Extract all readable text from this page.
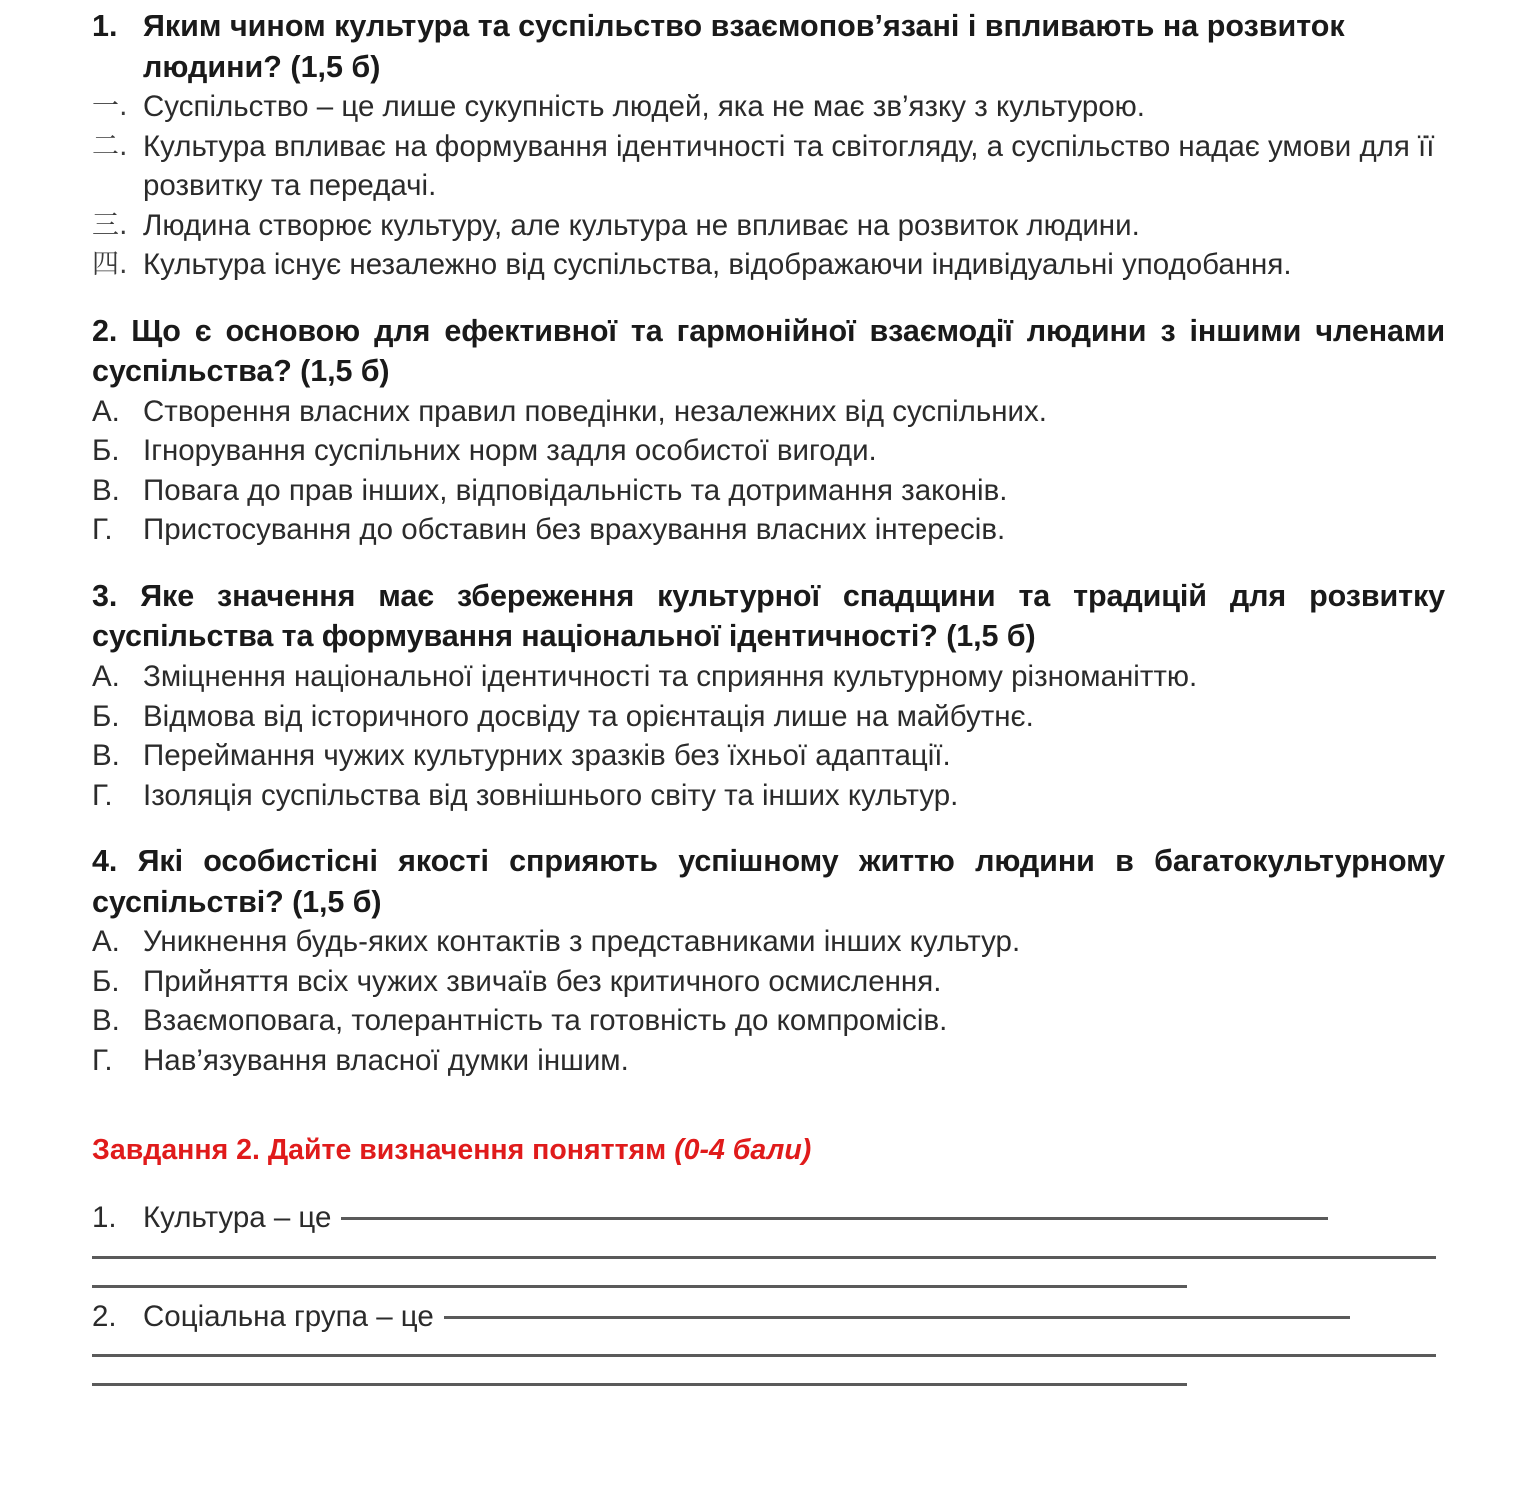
1. Яким чином культура та суспільство взаємопов’язані і впливають на розвиток людини? (1,5 б)
一. Суспільство – це лише сукупність людей, яка не має зв’язку з культурою.
二. Культура впливає на формування ідентичності та світогляду, а суспільство надає умови для її розвитку та передачі.
三. Людина створює культуру, але культура не впливає на розвиток людини.
四. Культура існує незалежно від суспільства, відображаючи індивідуальні уподобання.

2. Що є основою для ефективної та гармонійної взаємодії людини з іншими членами суспільства? (1,5 б)

А. Створення власних правил поведінки, незалежних від суспільних.
Б. Ігнорування суспільних норм задля особистої вигоди.
В. Повага до прав інших, відповідальність та дотримання законів.
Г.	Пристосування до обставин без врахування власних інтересів.

3. Яке значення має збереження культурної спадщини та традицій для розвитку суспільства та формування національної ідентичності? (1,5 б)

А. Зміцнення національної ідентичності та сприяння культурному різноманіттю.
Б. Відмова від історичного досвіду та орієнтація лише на майбутнє.
В. Переймання чужих культурних зразків без їхньої адаптації.
Г.	Ізоляція суспільства від зовнішнього світу та інших культур.

4. Які особистісні якості сприяють успішному життю людини в багатокультурному суспільстві? (1,5 б)

А. Уникнення будь-яких контактів з представниками інших культур.
Б. Прийняття всіх чужих звичаїв без критичного осмислення.
В. Взаємоповага, толерантність та готовність до компромісів.
Г.	Нав’язування власної думки іншим.

Завдання 2. Дайте визначення поняттям (0-4 бали)

1. Культура – це
2. Соціальна група – це
